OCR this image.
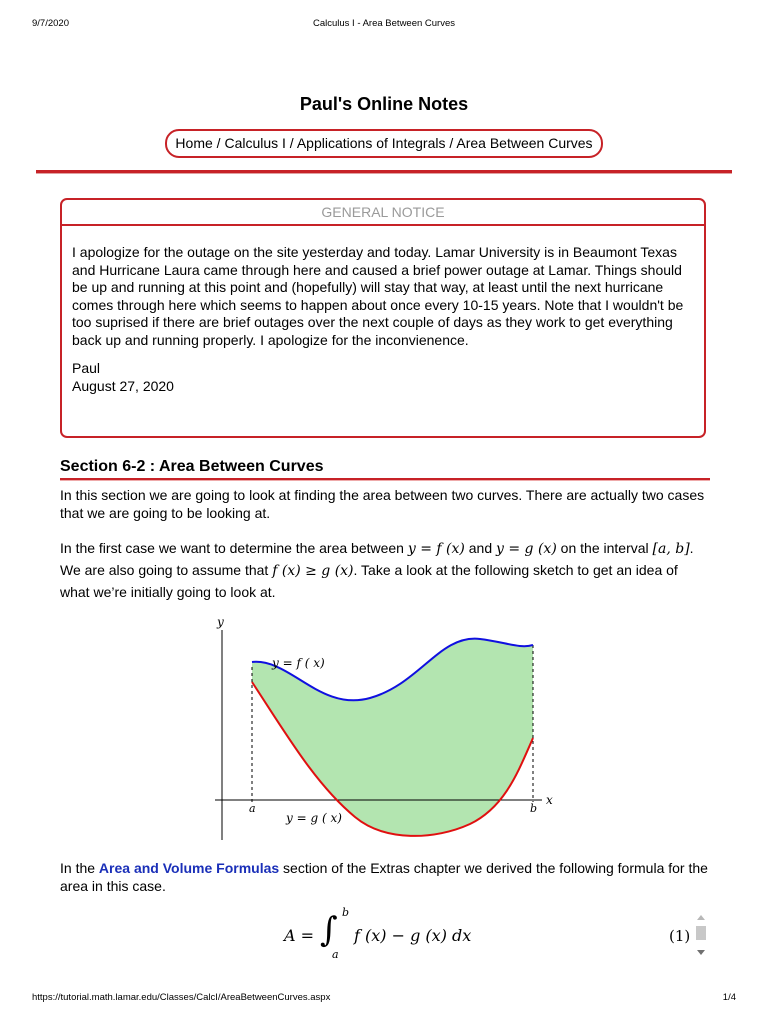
9/7/2020	Calculus I - Area Between Curves
Paul's Online Notes
Home / Calculus I / Applications of Integrals / Area Between Curves
GENERAL NOTICE

I apologize for the outage on the site yesterday and today. Lamar University is in Beaumont Texas and Hurricane Laura came through here and caused a brief power outage at Lamar. Things should be up and running at this point and (hopefully) will stay that way, at least until the next hurricane comes through here which seems to happen about once every 10-15 years. Note that I wouldn't be too suprised if there are brief outages over the next couple of days as they work to get everything back up and running properly. I apologize for the inconvienence.

Paul
August 27, 2020
Section 6-2 : Area Between Curves

In this section we are going to look at finding the area between two curves. There are actually two cases that we are going to be looking at.

In the first case we want to determine the area between y = f (x) and y = g (x) on the interval [a, b]. We are also going to assume that f (x) ≥ g (x). Take a look at the following sketch to get an idea of what we’re initially going to look at.

y
x
y = f ( x)
y = g ( x)
a	b

In the Area and Volume Formulas section of the Extras chapter we derived the following formula for the area in this case.

A = ∫ b
a
f (x) − g (x) dx	(1)
https://tutorial.math.lamar.edu/Classes/CalcI/AreaBetweenCurves.aspx	1/4
